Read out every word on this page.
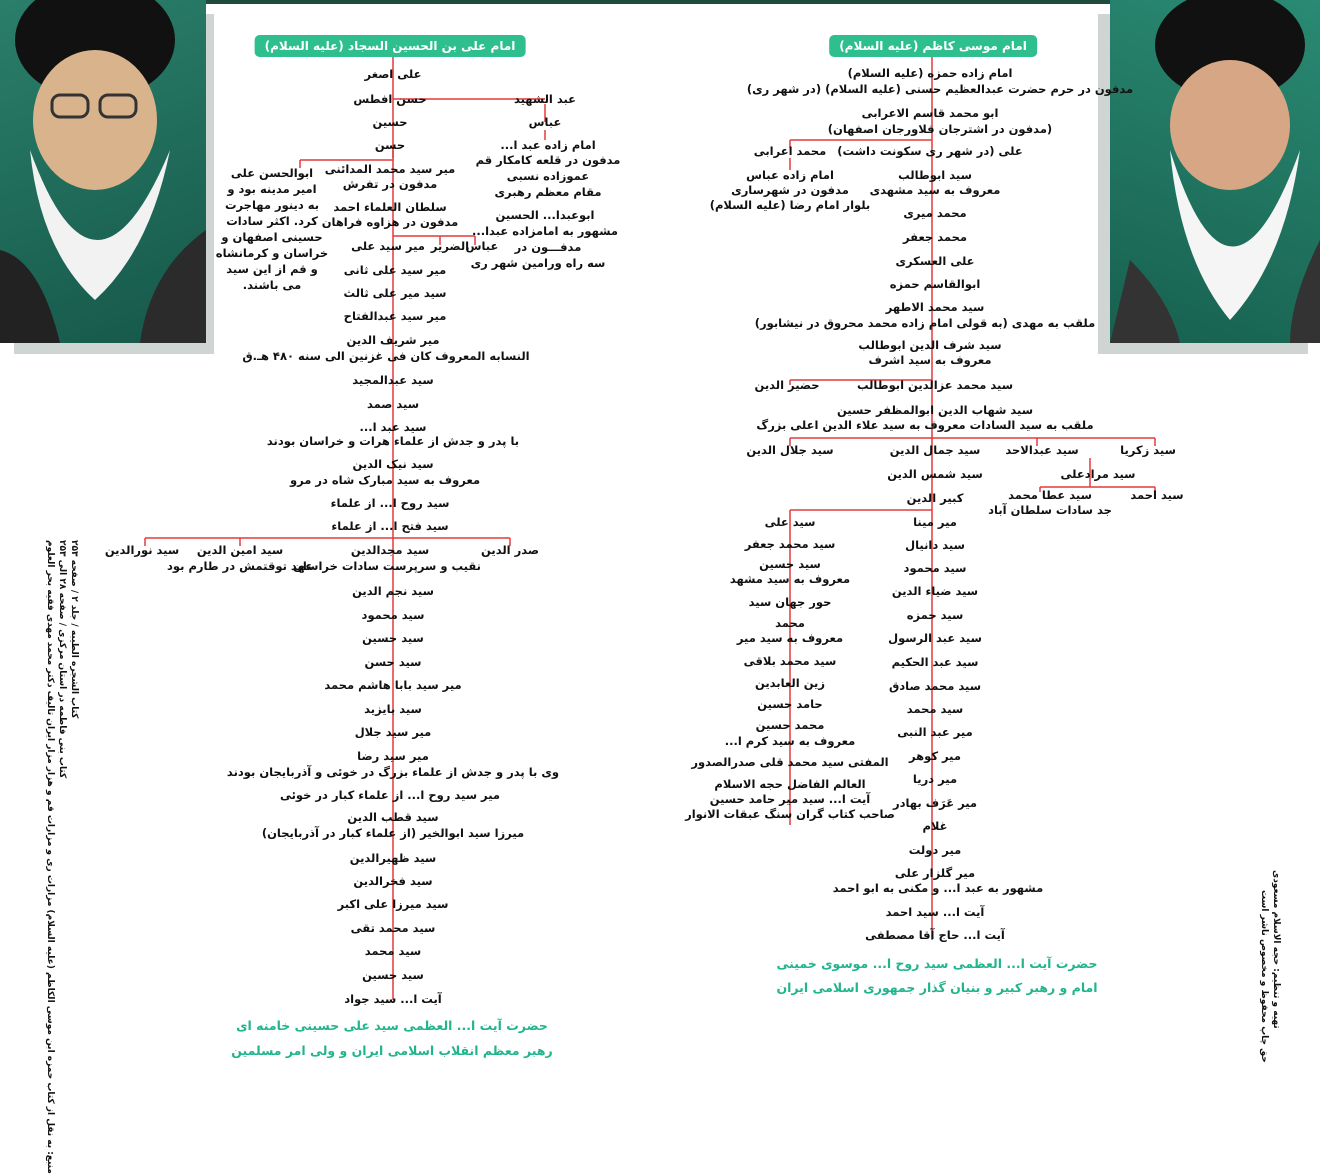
امام موسی کاظم (علیه السلام)
امام زاده حمزه (علیه السلام)
مدفون در حرم حضرت عبدالعظیم حسنی (علیه السلام) (در شهر ری)
ابو محمد قاسم الاعرابی
(مدفون در اشترجان فلاورجان اصفهان)
علی (در شهر ری سکونت داشت)
محمد اعرابی
امام زاده عباس
مدفون در شهرساری
بلوار امام رضا (علیه السلام)
سید ابوطالب
معروف به سید مشهدی
محمد میری
محمد جعفر
علی العسکری
ابوالقاسم حمزه
سید محمد الاطهر
ملقب به مهدی (به قولی امام زاده محمد محروق در نیشابور)
سید شرف الدین ابوطالب
معروف به سید اشرف
سید محمد عزالدین ابوطالب
حضیر الدین
سید شهاب الدین ابوالمظفر حسین
ملقب به سید السادات معروف به سید علاء الدین اعلی بزرگ
سید زکریا
سید عبدالاحد
سید جمال الدین
سید جلال الدین
سید مرادعلی
سید احمد
سید عطا محمد
جد سادات سلطان آباد
سید شمس الدین
کبیر الدین
سید علی
سید محمد جعفر
سید حسین
معروف به سید مشهد
حور جهان سید
محمد
معروف به سید میر
سید محمد بلاقی
زین العابدین
حامد حسین
محمد حسین
معروف به سید کرم ا...
المفتی سید محمد قلی صدرالصدور
العالم الفاضل حجه الاسلام
آیت ا... سید میر حامد حسین
صاحب کتاب گران سنگ عبقات الانوار
میر مینا
سید دانیال
سید محمود
سید ضیاء الدین
سید حمزه
سید عبد الرسول
سید عبد الحکیم
سید محمد صادق
سید محمد
میر عبد النبی
میر کوهر
میر دریا
میر عَرَف بهادر
غلام
میر دولت
میر گلزار علی
مشهور به عبد ا... و مکنی به ابو احمد
آیت ا... سید احمد
آیت ا... حاج آقا مصطفی
حضرت آیت ا... العظمی سید روح ا... موسوی خمینی
امام و رهبر کبیر و بنیان گذار جمهوری اسلامی ایران
امام علی بن الحسین السجاد (علیه السلام)
علی اصغر
حسن افطس	عبد الشهید
حسین	عباس
حسن	امام زاده عبد ا...
مدفون در قلعه کامکار قم
عموزاده نسبی
مقام معظم رهبری
ابوعبدا... الحسین
مشهور به امامزاده عبدا...
مدفـــون در
سه راه ورامین شهر ری
میر سید محمد المدائنی
مدفون در تفرش
سلطان العلماء احمد
مدفون در هزاوه فراهان
ابوالحسن علی
امیر مدینه بود و
به دینور مهاجرت
کرد. اکثر سادات
حسینی اصفهان و
خراسان و کرمانشاه
و قم از این سید
می باشند.
میر سید علی الضریر
عباس
میر سید علی ثانی
سید میر علی ثالث
میر سید عبدالفتاح
میر شریف الدین
النسابه المعروف کان فی غزنین الی سنه ۴۸۰ هـ.ق
سید عبدالمجید
سید صمد
سید عبد ا...
با پدر و جدش از علماء هرات و خراسان بودند
سید نیک الدین
معروف به سید مبارک شاه در مرو
سید روح ا... از علماء
سید فتح ا... از علماء
صدر الدین
سید مجدالدین
نقیب و سرپرست سادات خراسان
سید امین الدین
عهد توقتمش در طارم بود
سید نورالدین
سید نجم الدین
سید محمود
سید حسین
سید حسن
میر سید بابا هاشم محمد
سید بایزید
میر سید جلال
میر سید رضا
وی با پدر و جدش از علماء بزرگ در خوئی و آذربایجان بودند
میر سید روح ا... از علماء کبار در خوئی
سید قطب الدین
میرزا سید ابوالخیر (از علماء کبار در آذربایجان)
سید ظهیرالدین
سید فخرالدین
سید میرزا علی اکبر
سید محمد تقی
سید محمد
سید حسین
آیت ا... سید جواد
حضرت آیت ا... العظمی سید علی حسینی خامنه ای
رهبر معظم انقلاب اسلامی ایران و ولی امر مسلمین
منبع: به نقل از کتاب حمزه ابن موسی الکاظم (علیه السلام) مزارات ری و مزارات قم و هزار مزار ایران تالیف دکتر محمد مهدی فقیه بحر العلوم کتاب بنی فاطمه در استان مرکزی / صفحه ۲۸ الی ۲۵۳
کتاب الشجره الطیبه / جلد ۲ / صفحه ۲۵۳
تهیه و تنظیم: حجه الاسلام مسعودی
حق چاپ محفوظ و مخصوص ناشر است
